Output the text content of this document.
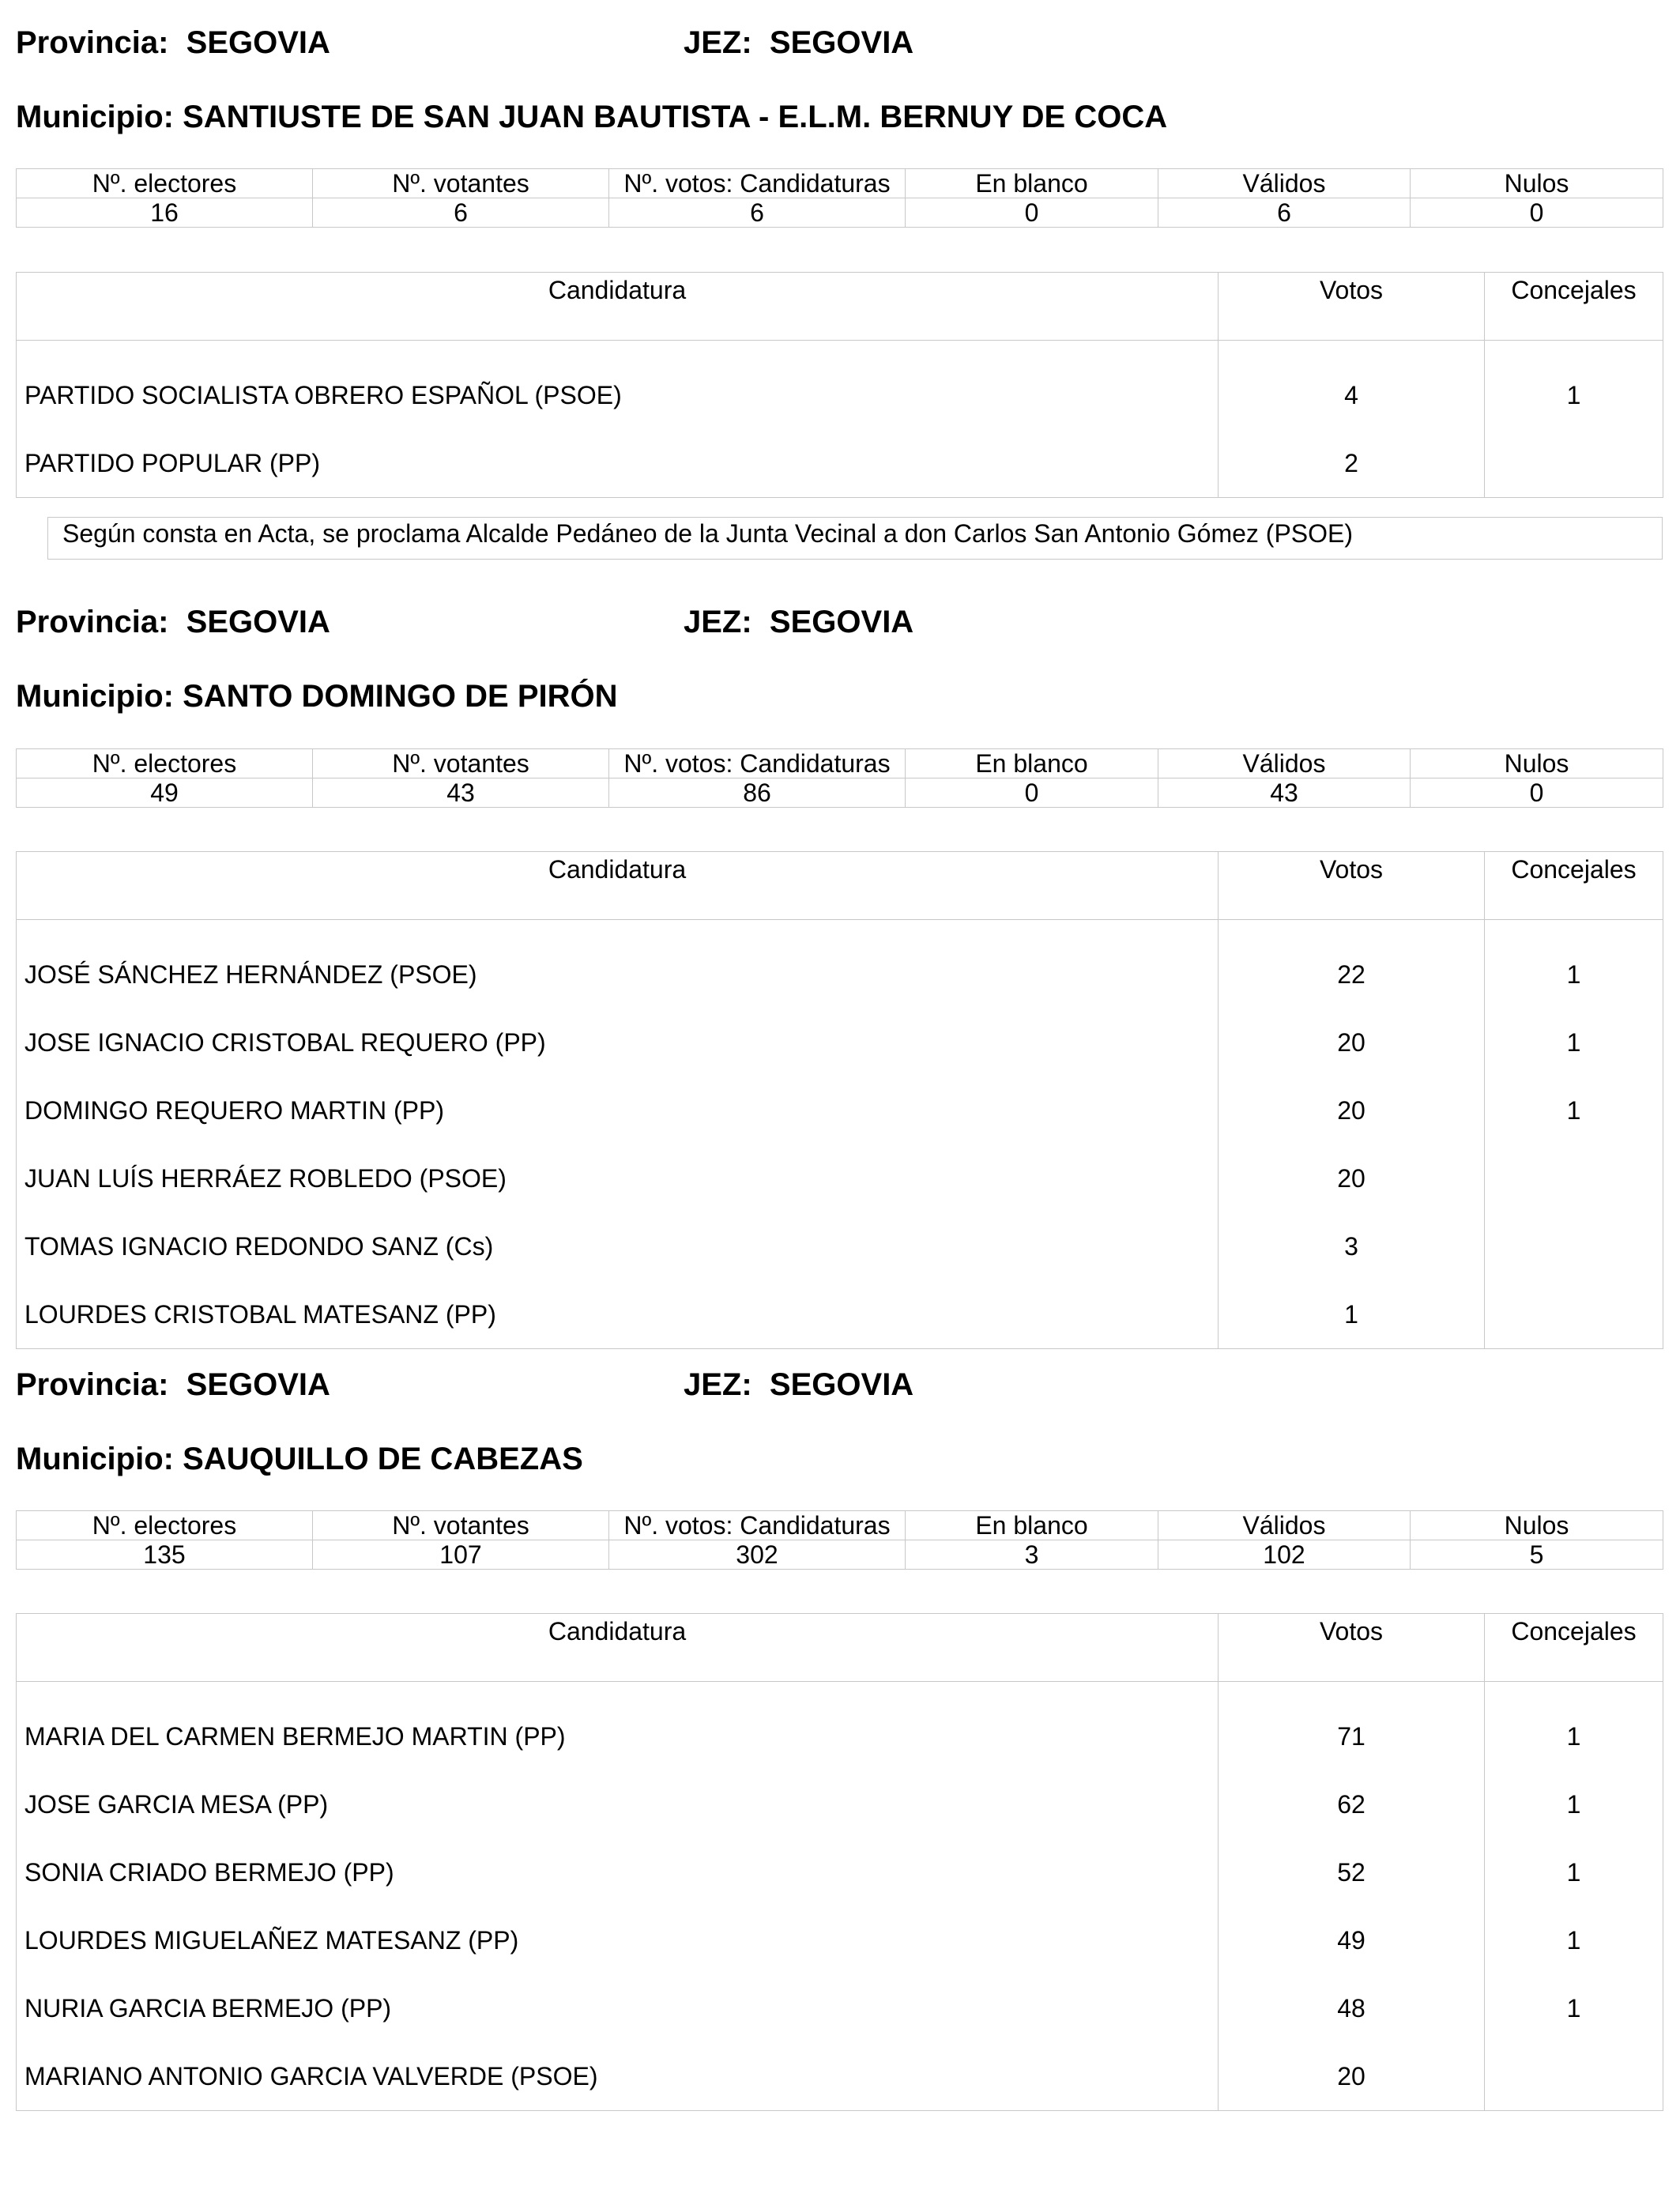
Provincia: SEGOVIA	JEZ: SEGOVIA
Municipio: SANTIUSTE DE SAN JUAN BAUTISTA - E.L.M. BERNUY DE COCA
Nº. electores	Nº. votantes	Nº. votos: Candidaturas	En blanco	Válidos	Nulos
16	6	6	0	6	0
Candidatura	Votos	Concejales

PARTIDO SOCIALISTA OBRERO ESPAÑOL (PSOE)	4	1
PARTIDO POPULAR (PP)	2	
Según consta en Acta, se proclama Alcalde Pedáneo de la Junta Vecinal a don Carlos San Antonio Gómez (PSOE)
Provincia: SEGOVIA	JEZ: SEGOVIA
Municipio: SANTO DOMINGO DE PIRÓN
Nº. electores	Nº. votantes	Nº. votos: Candidaturas	En blanco	Válidos	Nulos
49	43	86	0	43	0
Candidatura	Votos	Concejales

JOSÉ SÁNCHEZ HERNÁNDEZ (PSOE)	22	1
JOSE IGNACIO CRISTOBAL REQUERO (PP)	20	1
DOMINGO REQUERO MARTIN (PP)	20	1
JUAN LUÍS HERRÁEZ ROBLEDO (PSOE)	20	
TOMAS IGNACIO REDONDO SANZ (Cs)	3	
LOURDES CRISTOBAL MATESANZ (PP)	1	
Provincia: SEGOVIA	JEZ: SEGOVIA
Municipio: SAUQUILLO DE CABEZAS
Nº. electores	Nº. votantes	Nº. votos: Candidaturas	En blanco	Válidos	Nulos
135	107	302	3	102	5
Candidatura	Votos	Concejales

MARIA DEL CARMEN BERMEJO MARTIN (PP)	71	1
JOSE GARCIA MESA (PP)	62	1
SONIA CRIADO BERMEJO (PP)	52	1
LOURDES MIGUELAÑEZ MATESANZ (PP)	49	1
NURIA GARCIA BERMEJO (PP)	48	1
MARIANO ANTONIO GARCIA VALVERDE (PSOE)	20	
